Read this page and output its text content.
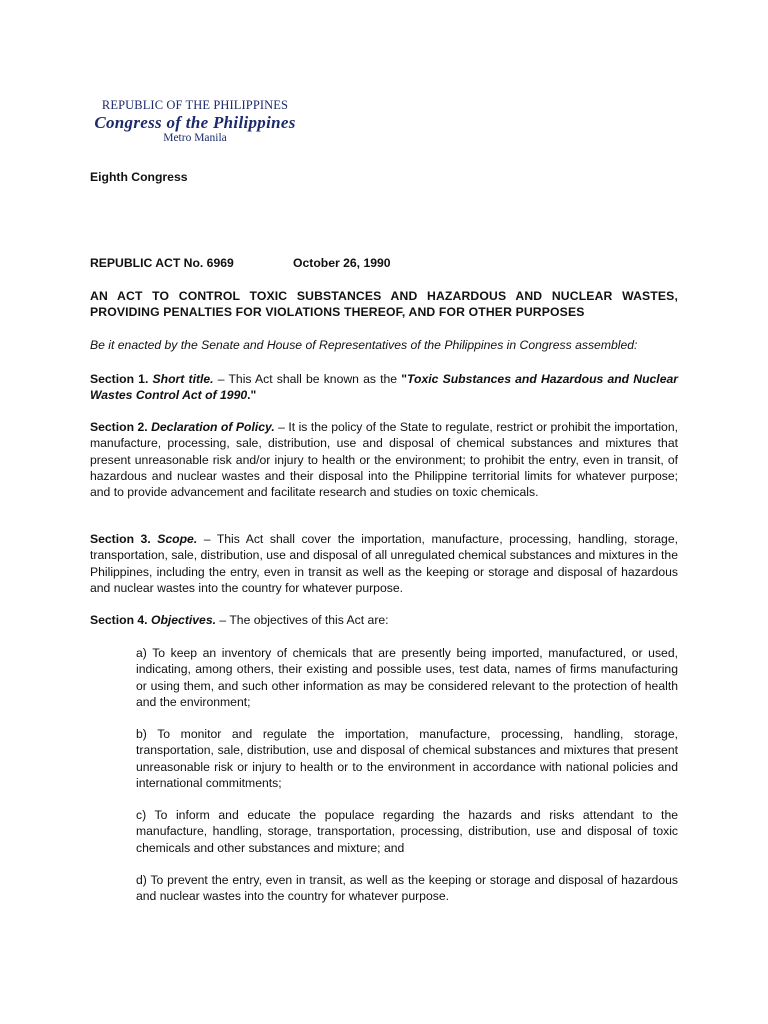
REPUBLIC OF THE PHILIPPINES
Congress of the Philippines
Metro Manila
Eighth Congress
REPUBLIC ACT No. 6969	October 26, 1990
AN ACT TO CONTROL TOXIC SUBSTANCES AND HAZARDOUS AND NUCLEAR WASTES, PROVIDING PENALTIES FOR VIOLATIONS THEREOF, AND FOR OTHER PURPOSES
Be it enacted by the Senate and House of Representatives of the Philippines in Congress assembled:
Section 1. Short title. – This Act shall be known as the "Toxic Substances and Hazardous and Nuclear Wastes Control Act of 1990."
Section 2. Declaration of Policy. – It is the policy of the State to regulate, restrict or prohibit the importation, manufacture, processing, sale, distribution, use and disposal of chemical substances and mixtures that present unreasonable risk and/or injury to health or the environment; to prohibit the entry, even in transit, of hazardous and nuclear wastes and their disposal into the Philippine territorial limits for whatever purpose; and to provide advancement and facilitate research and studies on toxic chemicals.
Section 3. Scope. – This Act shall cover the importation, manufacture, processing, handling, storage, transportation, sale, distribution, use and disposal of all unregulated chemical substances and mixtures in the Philippines, including the entry, even in transit as well as the keeping or storage and disposal of hazardous and nuclear wastes into the country for whatever purpose.
Section 4. Objectives. – The objectives of this Act are:
a) To keep an inventory of chemicals that are presently being imported, manufactured, or used, indicating, among others, their existing and possible uses, test data, names of firms manufacturing or using them, and such other information as may be considered relevant to the protection of health and the environment;
b) To monitor and regulate the importation, manufacture, processing, handling, storage, transportation, sale, distribution, use and disposal of chemical substances and mixtures that present unreasonable risk or injury to health or to the environment in accordance with national policies and international commitments;
c) To inform and educate the populace regarding the hazards and risks attendant to the manufacture, handling, storage, transportation, processing, distribution, use and disposal of toxic chemicals and other substances and mixture; and
d) To prevent the entry, even in transit, as well as the keeping or storage and disposal of hazardous and nuclear wastes into the country for whatever purpose.
